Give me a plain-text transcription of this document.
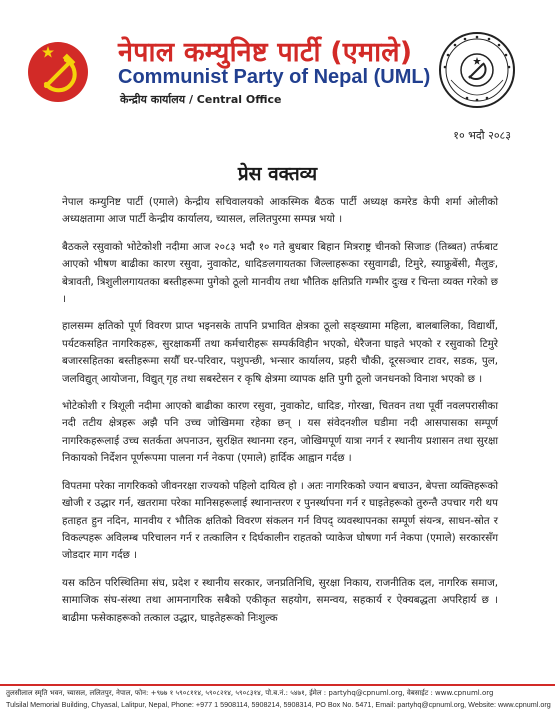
नेपाल कम्युनिष्ट पार्टी (एमाले)
Communist Party of Nepal (UML)
केन्द्रीय कार्यालय / Central Office
१० भदौ २०८३
प्रेस वक्तव्य

नेपाल कम्युनिष्ट पार्टी (एमाले) केन्द्रीय सचिवालयको आकस्मिक बैठक पार्टी अध्यक्ष कमरेड केपी शर्मा ओलीको अध्यक्षतामा आज पार्टी केन्द्रीय कार्यालय, च्यासल, ललितपुरमा सम्पन्न भयो ।

बैठकले रसुवाको भोटेकोशी नदीमा आज २०८३ भदौ १० गते बुधबार बिहान मित्रराष्ट्र चीनको सिजाङ (तिब्बत) तर्फबाट आएको भीषण बाढीका कारण रसुवा, नुवाकोट, धादिङलगायतका जिल्लाहरूका रसुवागढी, टिमुरे, स्याफ्रुबेंसी, मैलुङ, बेत्रावती, त्रिशुलीलगायतका बस्तीहरूमा पुगेको ठूलो मानवीय तथा भौतिक क्षतिप्रति गम्भीर दुःख र चिन्ता व्यक्त गरेको छ ।

हालसम्म क्षतिको पूर्ण विवरण प्राप्त भइनसके तापनि प्रभावित क्षेत्रका ठूलो सङ्ख्यामा महिला, बालबालिका, विद्यार्थी, पर्यटकसहित नागरिकहरू, सुरक्षाकर्मी तथा कर्मचारीहरू सम्पर्कविहीन भएको, धेरैजना घाइते भएको र रसुवाको टिमुरे बजारसहितका बस्तीहरूमा सयौँ घर-परिवार, पशुपन्छी, भन्सार कार्यालय, प्रहरी चौकी, दूरसञ्चार टावर, सडक, पुल, जलविद्युत् आयोजना, विद्युत् गृह तथा सबस्टेसन र कृषि क्षेत्रमा व्यापक क्षति पुगी ठूलो जनधनको विनाश भएको छ ।

भोटेकोशी र त्रिशूली नदीमा आएको बाढीका कारण रसुवा, नुवाकोट, धादिङ, गोरखा, चितवन तथा पूर्वी नवलपरासीका नदी तटीय क्षेत्रहरू अझै पनि उच्च जोखिममा रहेका छन् । यस संवेदनशील घडीमा नदी आसपासका सम्पूर्ण नागरिकहरूलाई उच्च सतर्कता अपनाउन, सुरक्षित स्थानमा रहन, जोखिमपूर्ण यात्रा नगर्न र स्थानीय प्रशासन तथा सुरक्षा निकायको निर्देशन पूर्णरूपमा पालना गर्न नेकपा (एमाले) हार्दिक आह्वान गर्दछ ।

विपतमा परेका नागरिकको जीवनरक्षा राज्यको पहिलो दायित्व हो । अतः नागरिकको ज्यान बचाउन, बेपत्ता व्यक्तिहरूको खोजी र उद्धार गर्न, खतरामा परेका मानिसहरूलाई स्थानान्तरण र पुनर्स्थापना गर्न र घाइतेहरूको तुरुन्तै उपचार गरी थप हताहत हुन नदिन, मानवीय र भौतिक क्षतिको विवरण संकलन गर्न विपद् व्यवस्थापनका सम्पूर्ण संयन्त्र, साधन-स्रोत र विकल्पहरू अविलम्ब परिचालन गर्न र तत्कालिन र दिर्घकालीन राहतको प्याकेज घोषणा गर्न नेकपा (एमाले) सरकारसँग जोडदार माग गर्दछ ।

यस कठिन परिस्थितिमा संघ, प्रदेश र स्थानीय सरकार, जनप्रतिनिधि, सुरक्षा निकाय, राजनीतिक दल, नागरिक समाज, सामाजिक संघ-संस्था तथा आमनागरिक सबैको एकीकृत सहयोग, समन्वय, सहकार्य र ऐक्यबद्धता अपरिहार्य छ । बाढीमा फसेकाहरूको तत्काल उद्धार, घाइतेहरूको निःशुल्क

तुलसीलाल स्मृति भवन, च्यासल, ललितपुर, नेपाल, फोन: +९७७ १ ५९०८११४, ५९०८२१४, ५९०८३१४, पो.ब.नं.: ५४७१, ईमेल : partyhq@cpnuml.org, वेबसाईट : www.cpnuml.org
Tulsilal Memorial Building, Chyasal, Lalitpur, Nepal, Phone: +977 1 5908114, 5908214, 5908314, PO Box No. 5471, Email: partyhq@cpnuml.org, Website: www.cpnuml.org
